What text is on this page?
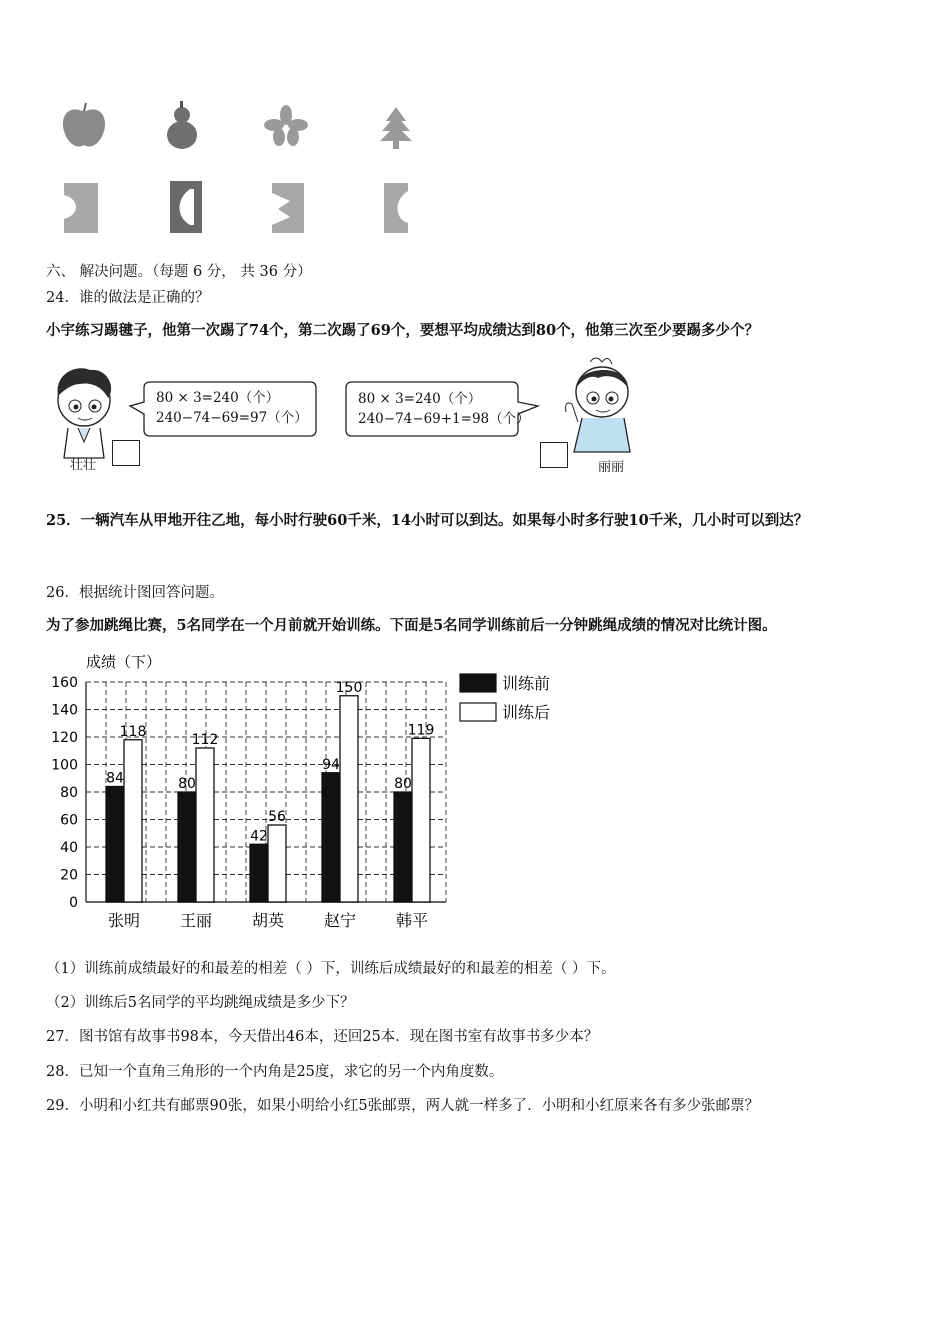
六、 解决问题。（每题 6 分， 共 36 分）
24．谁的做法是正确的？
小宇练习踢毽子，他第一次踢了74个，第二次踢了69个，要想平均成绩达到80个，他第三次至少要踢多少个？
壮壮
80 × 3=240（个）
240−74−69=97（个）
80 × 3=240（个）
240−74−69+1=98（个）
丽丽
25．一辆汽车从甲地开往乙地，每小时行驶60千米，14小时可以到达。如果每小时多行驶10千米，几小时可以到达？
26．根据统计图回答问题。
为了参加跳绳比赛，5名同学在一个月前就开始训练。下面是5名同学训练前后一分钟跳绳成绩的情况对比统计图。
成绩（下）
0
20
40
60
80
100
120
140
160
84
118
80
112
42
56
94
150
80
119
张明 王丽 胡英 赵宁 韩平
训练前
训练后
（1）训练前成绩最好的和最差的相差（ ）下，训练后成绩最好的和最差的相差（ ）下。
（2）训练后5名同学的平均跳绳成绩是多少下？
27．图书馆有故事书98本，今天借出46本，还回25本．现在图书室有故事书多少本？
28．已知一个直角三角形的一个内角是25度，求它的另一个内角度数。
29．小明和小红共有邮票90张，如果小明给小红5张邮票，两人就一样多了．小明和小红原来各有多少张邮票？
